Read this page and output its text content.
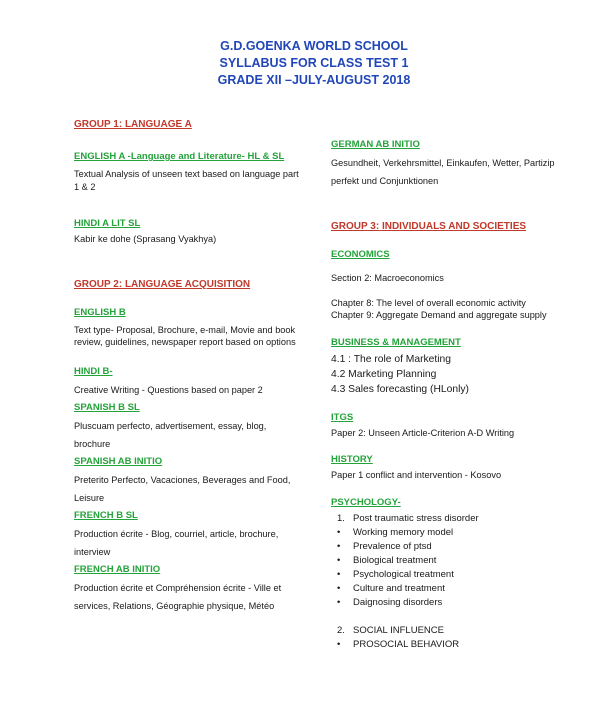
G.D.GOENKA WORLD SCHOOL
SYLLABUS FOR CLASS TEST 1
GRADE XII –JULY-AUGUST 2018
GROUP 1: LANGUAGE A
ENGLISH A -Language and Literature- HL & SL
Textual Analysis of unseen text based on language part 1 & 2
HINDI A LIT SL
Kabir ke dohe (Sprasang Vyakhya)
GROUP 2: LANGUAGE ACQUISITION
ENGLISH B
Text type- Proposal, Brochure, e-mail, Movie and book review, guidelines, newspaper report based on options
HINDI B-
Creative Writing - Questions based on paper 2
SPANISH B SL
Pluscuam perfecto, advertisement, essay, blog, brochure
SPANISH AB INITIO
Preterito Perfecto, Vacaciones, Beverages and Food, Leisure
FRENCH B SL
Production écrite - Blog, courriel, article, brochure, interview
FRENCH AB INITIO
Production écrite et Compréhension écrite - Ville et services, Relations, Géographie physique, Météo
GERMAN AB INITIO
Gesundheit, Verkehrsmittel, Einkaufen, Wetter, Partizip perfekt und Conjunktionen
GROUP 3: INDIVIDUALS AND SOCIETIES
ECONOMICS
Section 2: Macroeconomics
Chapter 8: The level of overall economic activity
Chapter 9: Aggregate Demand and aggregate supply
BUSINESS & MANAGEMENT
4.1 : The role of Marketing
4.2 Marketing Planning
4.3 Sales forecasting (HLonly)
ITGS
Paper 2: Unseen Article-Criterion A-D Writing
HISTORY
Paper 1 conflict and intervention - Kosovo
PSYCHOLOGY-
1. Post traumatic stress disorder
• Working memory model
• Prevalence of ptsd
• Biological treatment
• Psychological treatment
• Culture and treatment
• Daignosing disorders
2. SOCIAL INFLUENCE
• PROSOCIAL BEHAVIOR
